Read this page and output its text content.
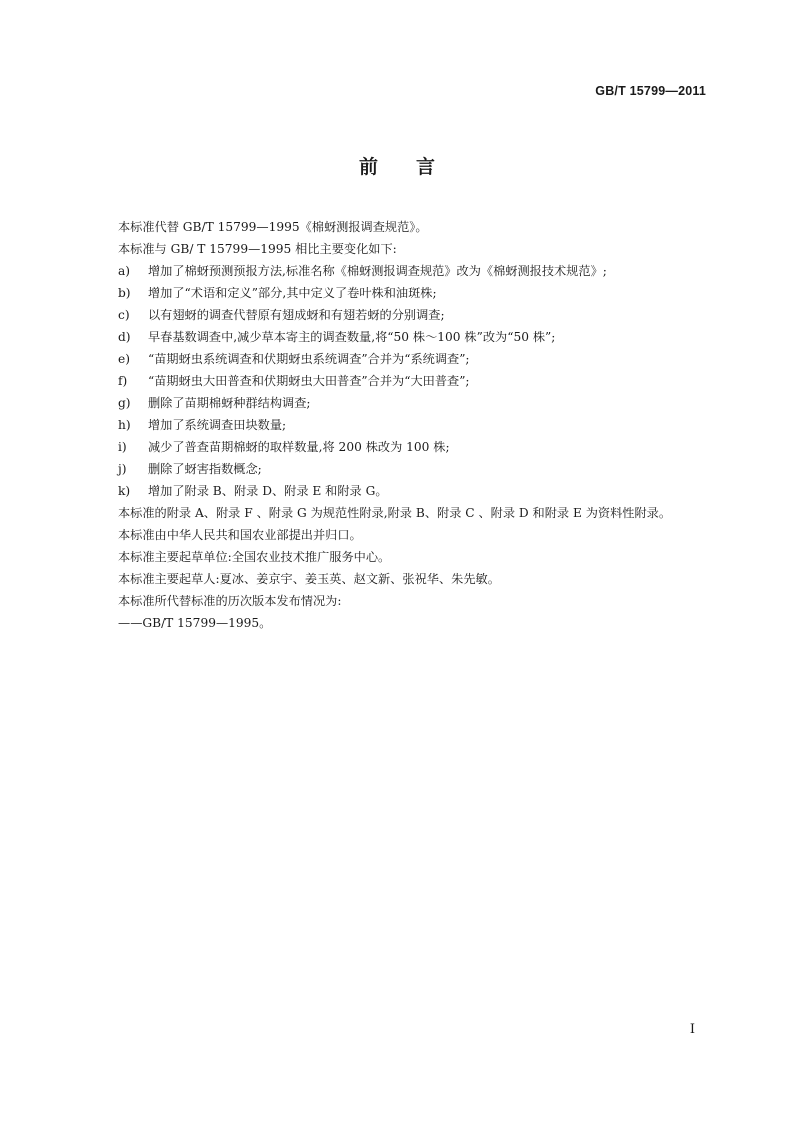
GB/T 15799—2011
前 言
本标准代替 GB/T 15799—1995《棉蚜测报调查规范》。
本标准与 GB/ T 15799—1995 相比主要变化如下:
a) 增加了棉蚜预测预报方法,标准名称《棉蚜测报调查规范》改为《棉蚜测报技术规范》;
b) 增加了“术语和定义”部分,其中定义了卷叶株和油斑株;
c) 以有翅蚜的调查代替原有翅成蚜和有翅若蚜的分别调查;
d) 早春基数调查中,减少草本寄主的调查数量,将“50 株～100 株”改为“50 株”;
e) “苗期蚜虫系统调查和伏期蚜虫系统调查”合并为“系统调查”;
f) “苗期蚜虫大田普查和伏期蚜虫大田普查”合并为“大田普查”;
g) 删除了苗期棉蚜种群结构调查;
h) 增加了系统调查田块数量;
i) 减少了普查苗期棉蚜的取样数量,将 200 株改为 100 株;
j) 删除了蚜害指数概念;
k) 增加了附录 B、附录 D、附录 E 和附录 G。
本标准的附录 A、附录 F 、附录 G 为规范性附录,附录 B、附录 C 、附录 D 和附录 E 为资料性附录。
本标准由中华人民共和国农业部提出并归口。
本标准主要起草单位:全国农业技术推广服务中心。
本标准主要起草人:夏冰、姜京宇、姜玉英、赵文新、张祝华、朱先敏。
本标准所代替标准的历次版本发布情况为:
——GB/T 15799—1995。
I
